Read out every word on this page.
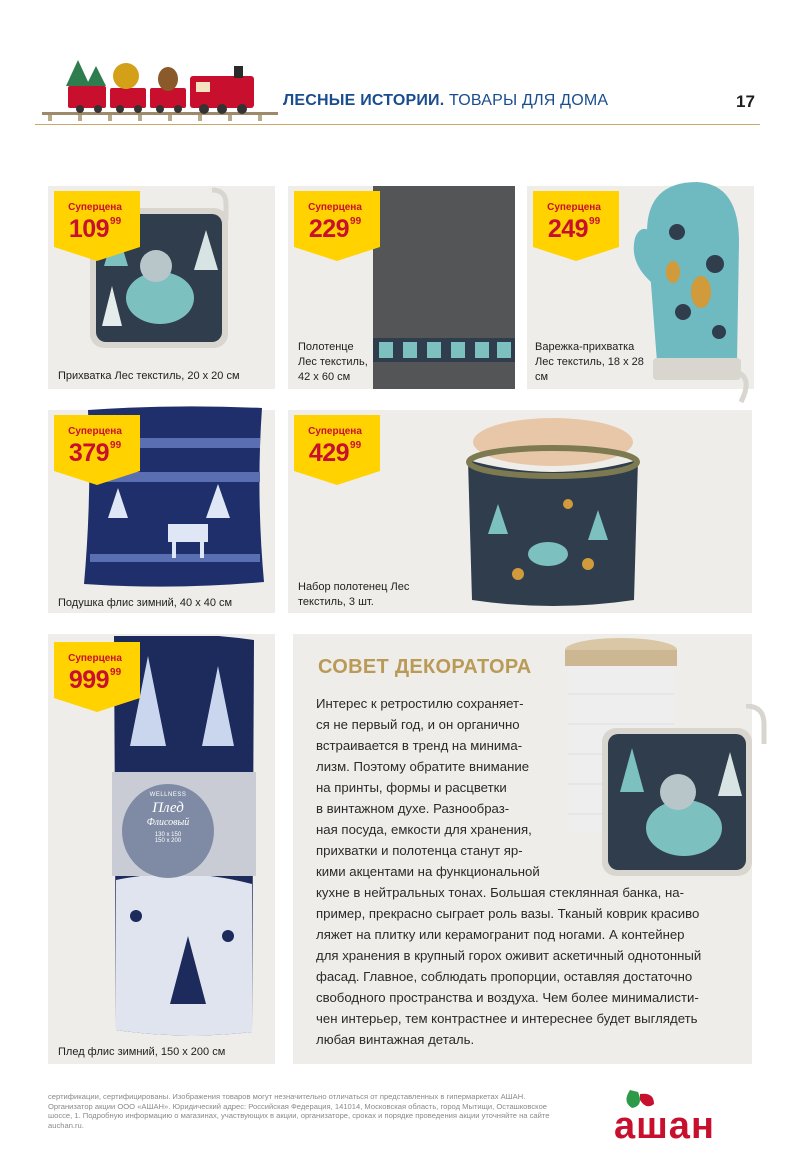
ЛЕСНЫЕ ИСТОРИИ. ТОВАРЫ ДЛЯ ДОМА	17
Прихватка Лес текстиль, 20 х 20 см
Суперцена
$109^{99}$
Полотенце Лес текстиль, 42 х 60 см
Суперцена
$229^{99}$
Варежка-прихватка Лес текстиль, 18 х 28 см
Суперцена
$249^{99}$
Подушка флис зимний, 40 х 40 см
Суперцена
$379^{99}$
Набор полотенец Лес текстиль, 3 шт.
Суперцена
$429^{99}$
WELLNESS
Плед
Флисовый
130 х 150
150 х 200
Плед флис зимний, 150 х 200 см
Суперцена
$999^{99}$	СОВЕТ ДЕКОРАТОРА

Интерес к ретростилю сохраняет-

ся не первый год, и он органично

встраивается в тренд на минима-

лизм. Поэтому обратите внимание

на принты, формы и расцветки

в винтажном духе. Разнообраз-

ная посуда, емкости для хранения,

прихватки и полотенца станут яр-

кими акцентами на функциональной

кухне в нейтральных тонах. Большая стеклянная банка, на-

пример, прекрасно сыграет роль вазы. Тканый коврик красиво

ляжет на плитку или керамогранит под ногами. А контейнер

для хранения в крупный горох оживит аскетичный однотонный

фасад. Главное, соблюдать пропорции, оставляя достаточно

свободного пространства и воздуха. Чем более минималисти-

чен интерьер, тем контрастнее и интереснее будет выглядеть

любая винтажная деталь.

сертификации, сертифицированы. Изображения товаров могут незначительно отличаться от представленных в гипермаркетах АШАН. Организатор акции ООО «АШАН». Юридический адрес: Российская Федерация, 141014, Московская область, город Мытищи, Осташковское шоссе, 1. Подробную информацию о магазинах, участвующих в акции, организаторе, сроках и порядке проведения акции уточняйте на сайте auchan.ru.	ашан
